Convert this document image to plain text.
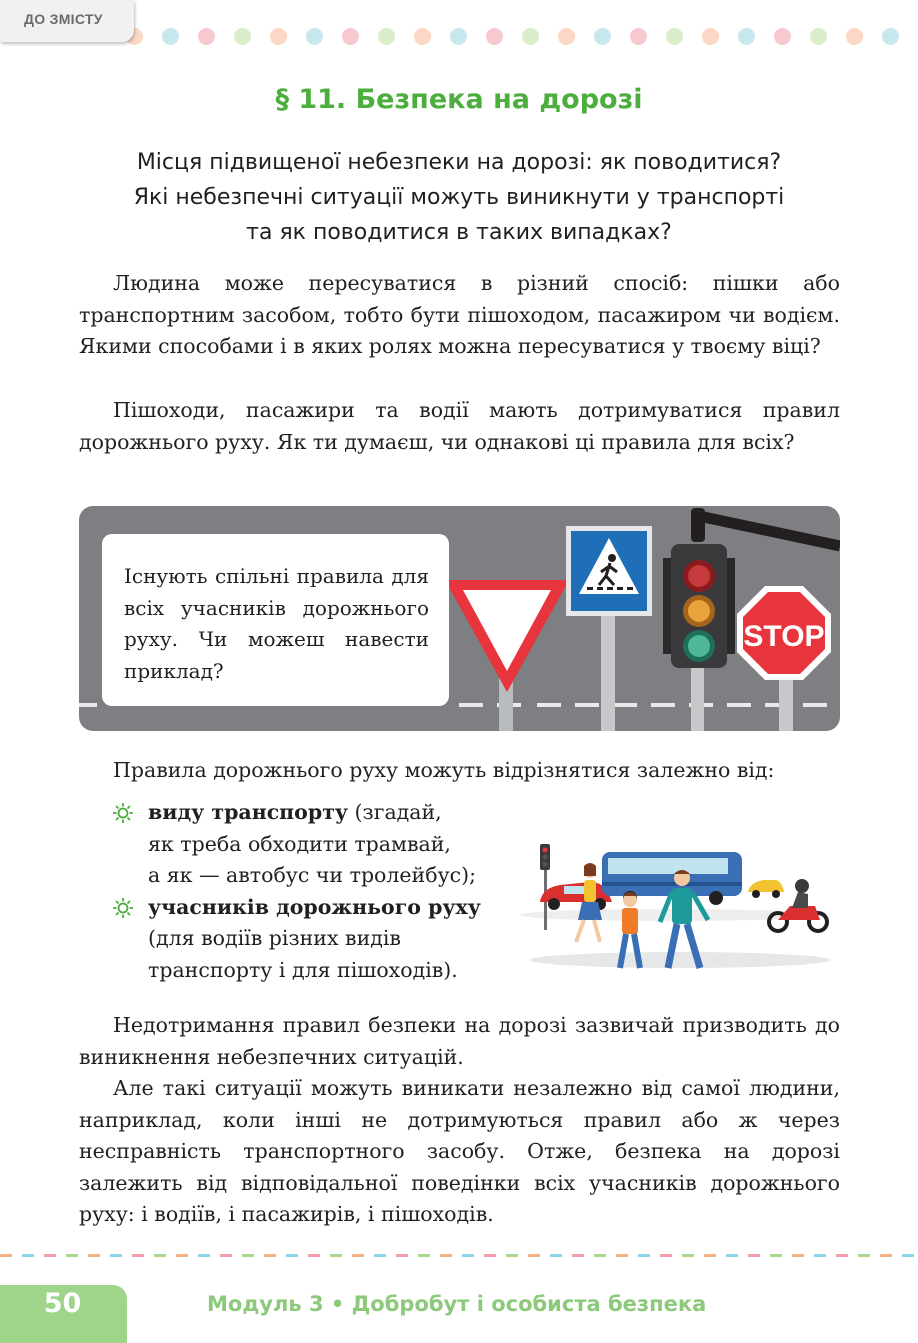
ДО ЗМІСТУ
§ 11. Безпека на дорозі
Місця підвищеної небезпеки на дорозі: як поводитися?
Які небезпечні ситуації можуть виникнути у транспорті
та як поводитися в таких випадках?

Людина може пересуватися в різний спосіб: пішки або транспортним засобом, тобто бути пішоходом, пасажиром чи водієм. Якими способами і в яких ролях можна пересуватися у твоєму віці?

Пішоходи, пасажири та водії мають дотримуватися правил дорожнього руху. Як ти думаєш, чи однакові ці правила для всіх?

STOP

Існують спільні правила для всіх учасників дорожнього руху. Чи можеш навести приклад?

Правила дорожнього руху можуть відрізнятися залежно від:

виду транспорту (згадай,
як треба обходити трамвай,
а як — автобус чи тролейбус);
учасників дорожнього руху
(для водіїв різних видів
транспорту і для пішоходів).

Недотримання правил безпеки на дорозі зазвичай призводить до виникнення небезпечних ситуацій.

Але такі ситуації можуть виникати незалежно від самої людини, наприклад, коли інші не дотримуються правил або ж через несправність транспортного засобу. Отже, безпека на дорозі залежить від відповідальної поведінки всіх учасників дорожнього руху: і водіїв, і пасажирів, і пішоходів.

50	Модуль 3 • Добробут і особиста безпека
